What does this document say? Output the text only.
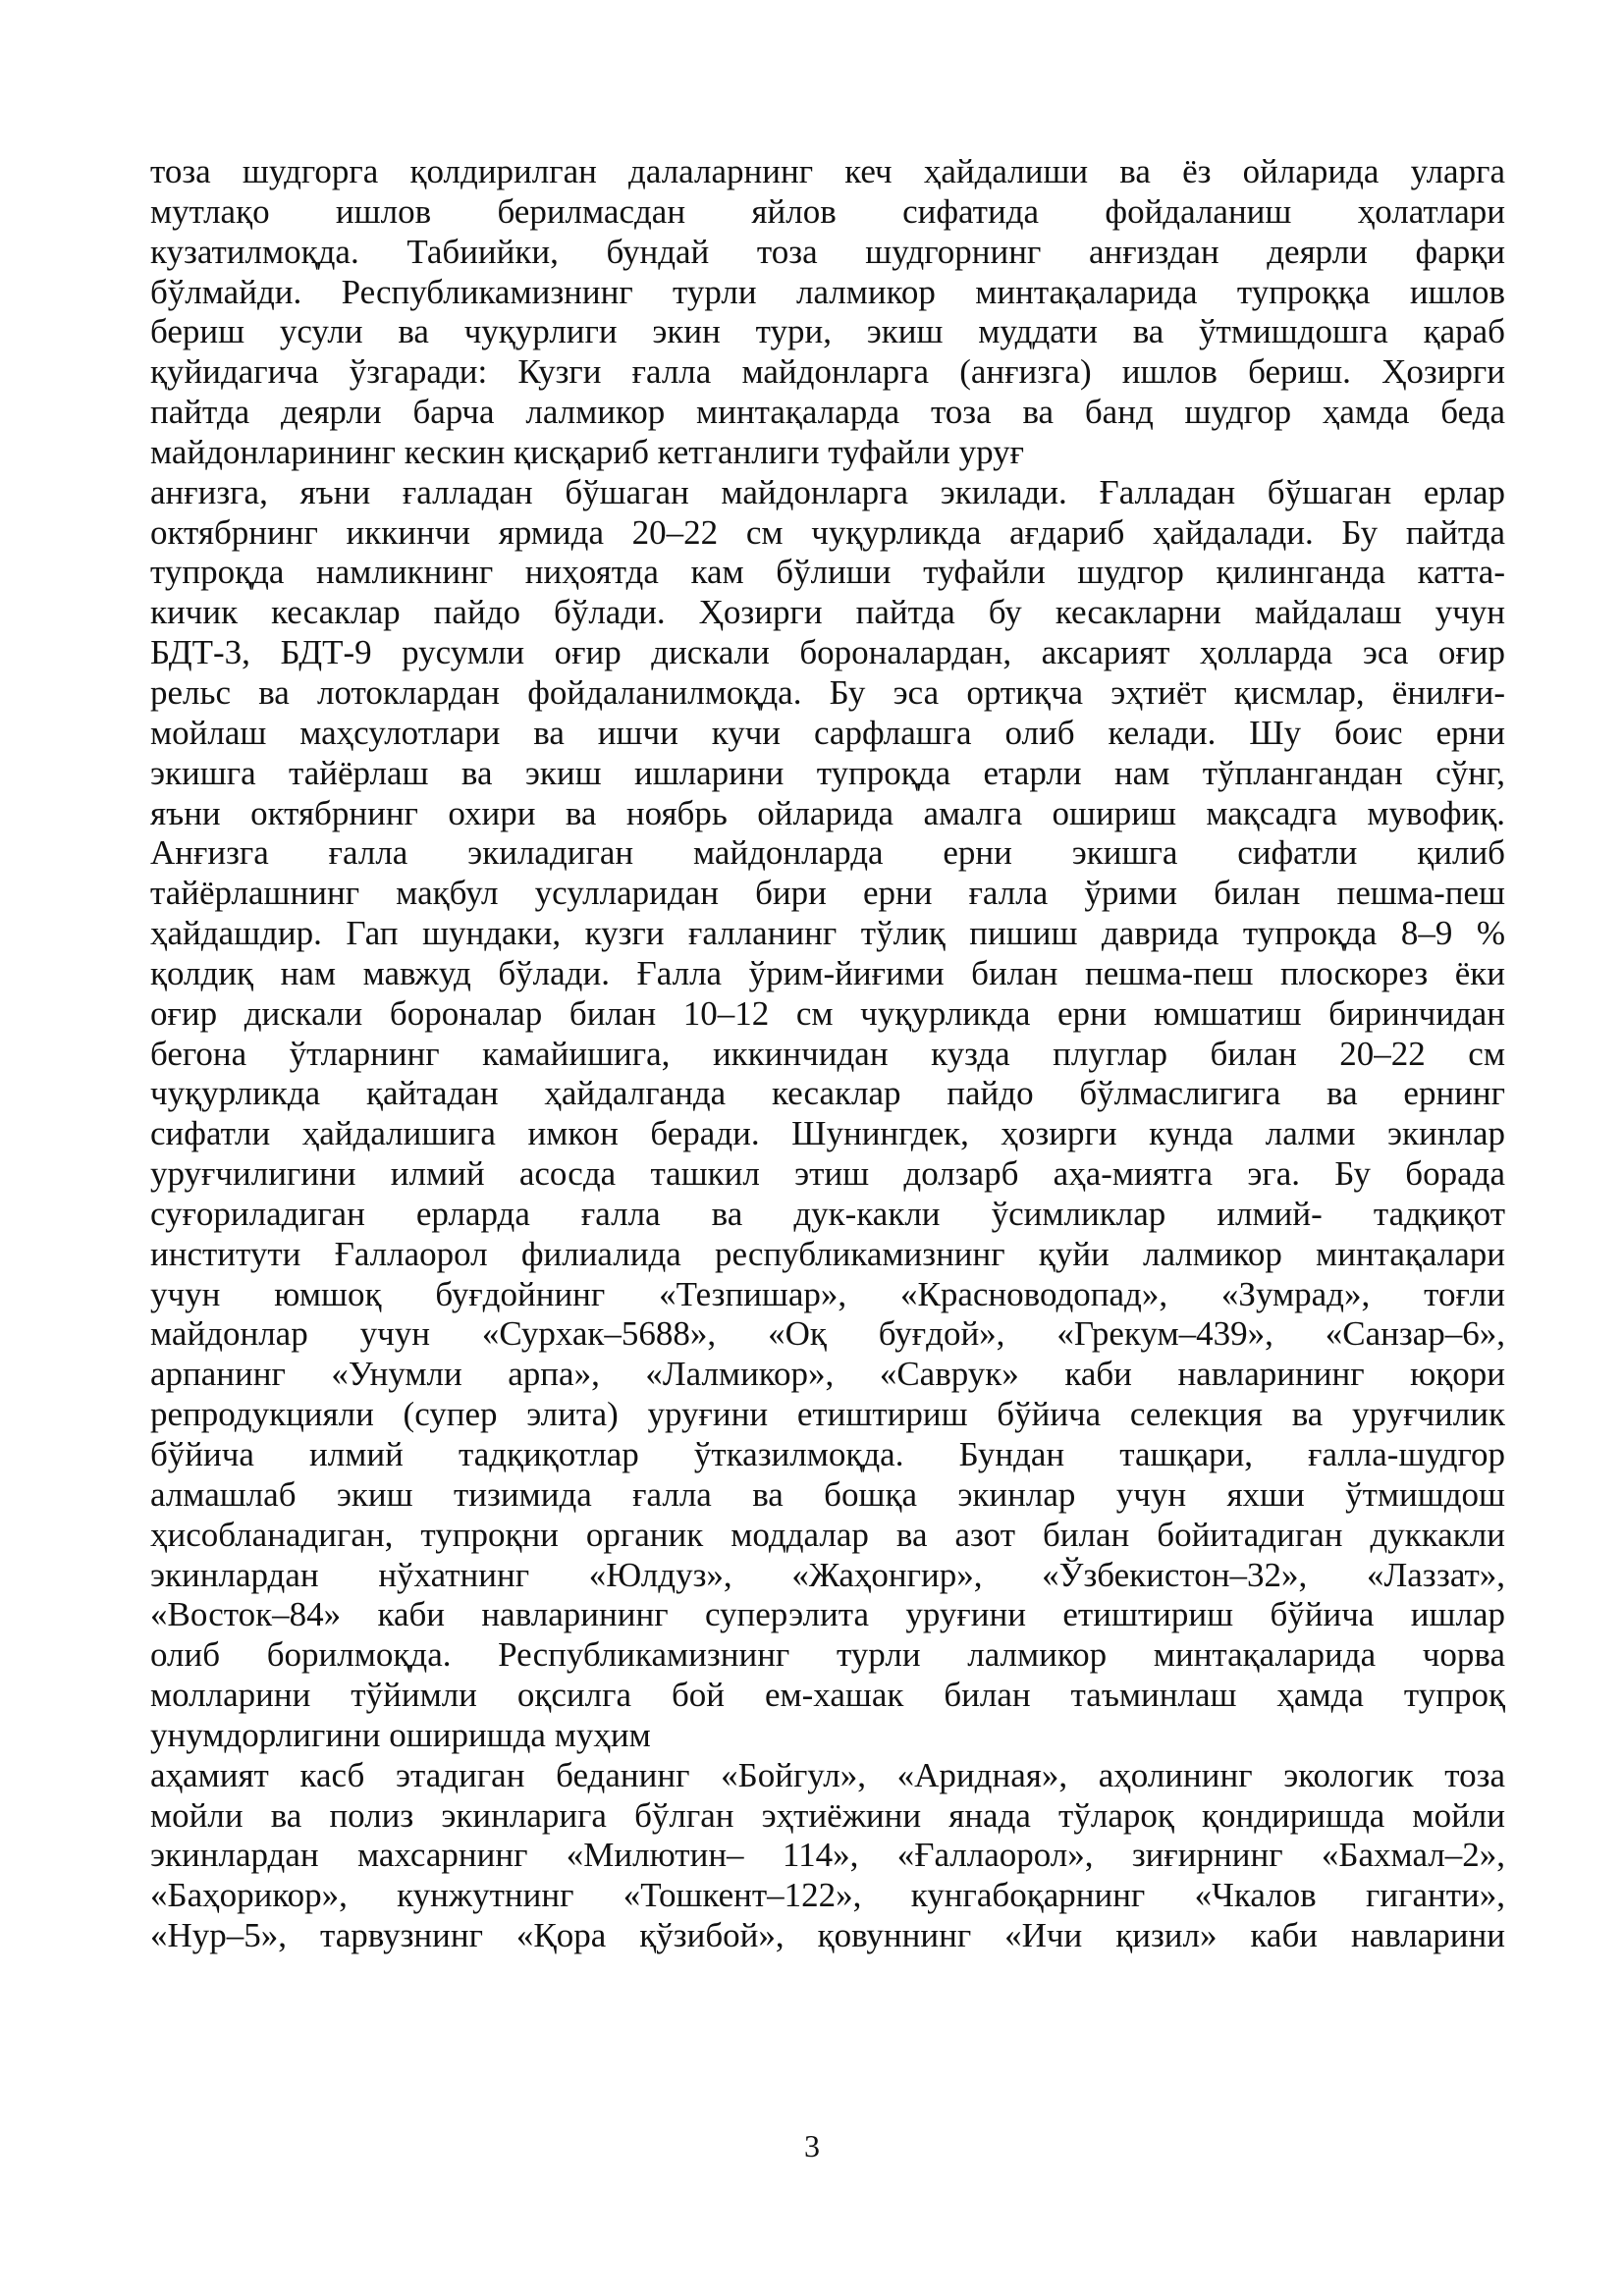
тоза шудгорга қолдирилган далаларнинг кеч ҳайдалиши ва ёз ойларида уларга
мутлақо ишлов берилмасдан яйлов сифатида фойдаланиш ҳолатлари
кузатилмоқда. Табиийки, бундай тоза шудгорнинг анғиздан деярли фарқи
бўлмайди. Республикамизнинг турли лалмикор минтақаларида тупроққа ишлов
бериш усули ва чуқурлиги экин тури, экиш муддати ва ўтмишдошга қараб
қуйидагича ўзгаради: Кузги ғалла майдонларга (анғизга) ишлов бериш. Ҳозирги
пайтда деярли барча лалмикор минтақаларда тоза ва банд шудгор ҳамда беда
майдонларининг кескин қисқариб кетганлиги туфайли уруғ
анғизга, яъни ғалладан бўшаган майдонларга экилади. Ғалладан бўшаган ерлар
октябрнинг иккинчи ярмида 20–22 см чуқурликда ағдариб ҳайдалади. Бу пайтда
тупроқда намликнинг ниҳоятда кам бўлиши туфайли шудгор қилинганда катта-
кичик кесаклар пайдо бўлади. Ҳозирги пайтда бу кесакларни майдалаш учун
БДТ-3, БДТ-9 русумли оғир дискали бороналардан, аксарият ҳолларда эса оғир
рельс ва лотоклардан фойдаланилмоқда. Бу эса ортиқча эҳтиёт қисмлар, ёнилғи-
мойлаш маҳсулотлари ва ишчи кучи сарфлашга олиб келади. Шу боис ерни
экишга тайёрлаш ва экиш ишларини тупроқда етарли нам тўплангандан сўнг,
яъни октябрнинг охири ва ноябрь ойларида амалга ошириш мақсадга мувофиқ.
Анғизга ғалла экиладиган майдонларда ерни экишга сифатли қилиб
тайёрлашнинг мақбул усулларидан бири ерни ғалла ўрими билан пешма-пеш
ҳайдашдир. Гап шундаки, кузги ғалланинг тўлиқ пишиш даврида тупроқда 8–9 %
қолдиқ нам мавжуд бўлади. Ғалла ўрим-йиғими билан пешма-пеш плоскорез ёки
оғир дискали бороналар билан 10–12 см чуқурликда ерни юмшатиш биринчидан
бегона ўтларнинг камайишига, иккинчидан кузда плуглар билан 20–22 см
чуқурликда қайтадан ҳайдалганда кесаклар пайдо бўлмаслигига ва ернинг
сифатли ҳайдалишига имкон беради. Шунингдек, ҳозирги кунда лалми экинлар
уруғчилигини илмий асосда ташкил этиш долзарб аҳа-миятга эга. Бу борада
суғориладиган ерларда ғалла ва дук-какли ўсимликлар илмий- тадқиқот
институти Ғаллаорол филиалида республикамизнинг қуйи лалмикор минтақалари
учун юмшоқ буғдойнинг «Тезпишар», «Красноводопад», «Зумрад», тоғли
майдонлар учун «Сурхак–5688», «Оқ буғдой», «Грекум–439», «Санзар–6»,
арпанинг «Унумли арпа», «Лалмикор», «Саврук» каби навларининг юқори
репродукцияли (супер элита) уруғини етиштириш бўйича селекция ва уруғчилик
бўйича илмий тадқиқотлар ўтказилмоқда. Бундан ташқари, ғалла-шудгор
алмашлаб экиш тизимида ғалла ва бошқа экинлар учун яхши ўтмишдош
ҳисобланадиган, тупроқни органик моддалар ва азот билан бойитадиган дуккакли
экинлардан нўхатнинг «Юлдуз», «Жаҳонгир», «Ўзбекистон–32», «Лаззат»,
«Восток–84» каби навларининг суперэлита уруғини етиштириш бўйича ишлар
олиб борилмоқда. Республикамизнинг турли лалмикор минтақаларида чорва
молларини тўйимли оқсилга бой ем-хашак билан таъминлаш ҳамда тупроқ
унумдорлигини оширишда муҳим
аҳамият касб этадиган беданинг «Бойгул», «Аридная», аҳолининг экологик тоза
мойли ва полиз экинларига бўлган эҳтиёжини янада тўлароқ қондиришда мойли
экинлардан махсарнинг «Милютин– 114», «Ғаллаорол», зиғирнинг «Бахмал–2»,
«Баҳорикор», кунжутнинг «Тошкент–122», кунгабоқарнинг «Чкалов гиганти»,
«Нур–5», тарвузнинг «Қора қўзибой», қовуннинг «Ичи қизил» каби навларини
3
